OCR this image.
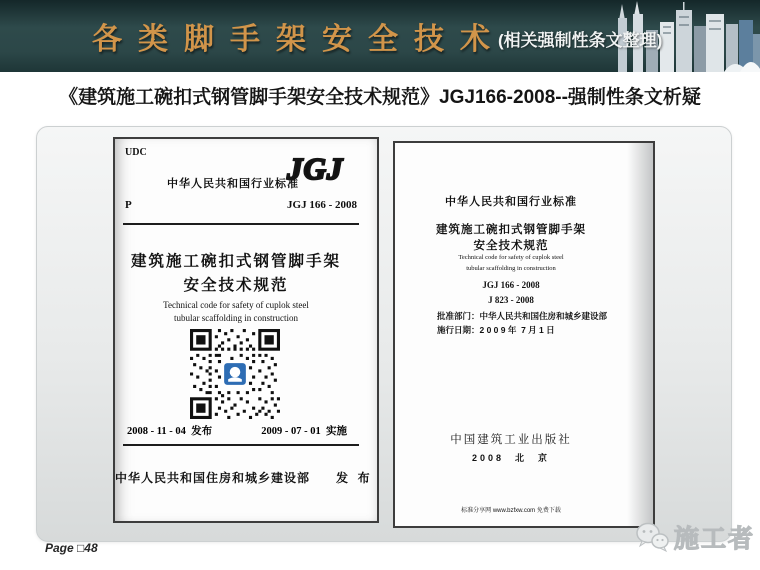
各类脚手架安全技术
(相关强制性条文整理)
《建筑施工碗扣式钢管脚手架安全技术规范》JGJ166-2008--强制性条文析疑
UDC
中华人民共和国行业标准
JGJ
P	JGJ 166 - 2008
建筑施工碗扣式钢管脚手架
安全技术规范
Technical code for safety of cuplok steel
tubular scaffolding in construction
2008 - 11 - 04  发布	2009 - 07 - 01  实施
中华人民共和国住房和城乡建设部      发  布
中华人民共和国行业标准
建筑施工碗扣式钢管脚手架
安全技术规范
Technical code for safety of cuplok steel
tubular scaffolding in construction
JGJ 166 - 2008
J 823 - 2008
批准部门：中华人民共和国住房和城乡建设部
施行日期：2 0 0 9 年  7 月 1 日
中国建筑工业出版社
2008  北  京
标准分享网 www.bzfxw.com 免费下载
Page □48	施工者
